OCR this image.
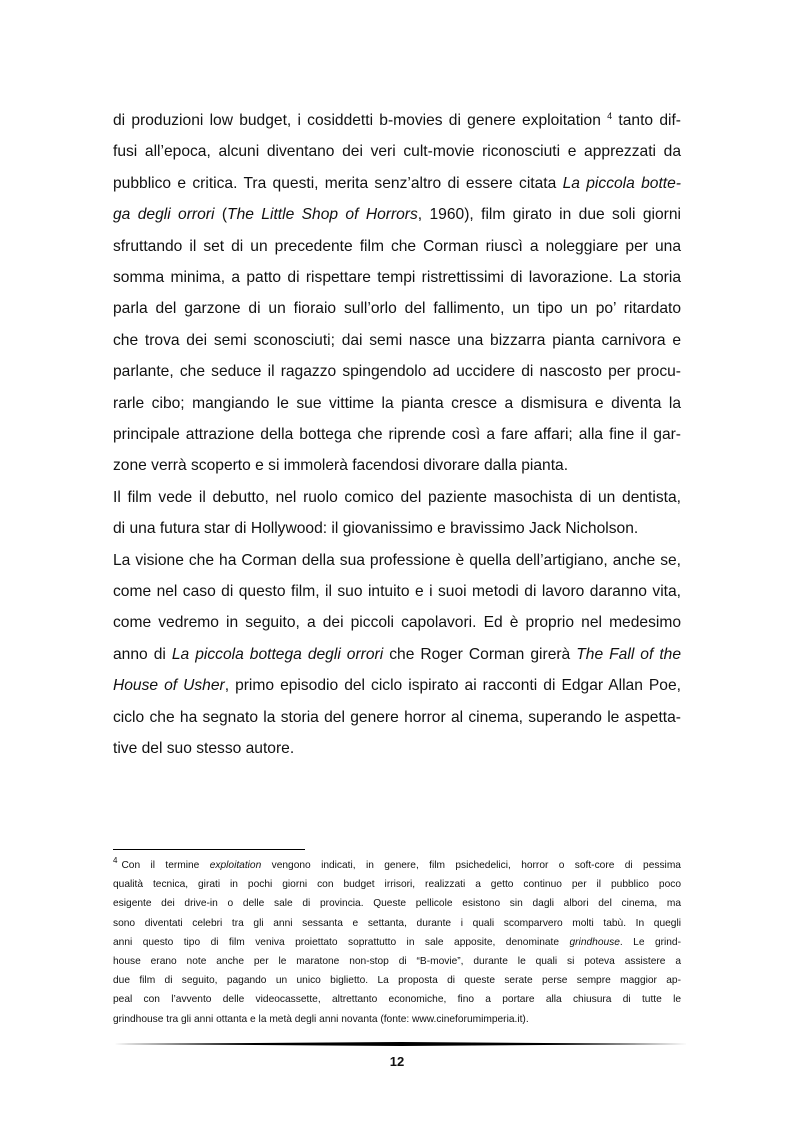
di produzioni low budget, i cosiddetti b-movies di genere exploitation $^4$ tanto dif-
fusi all’epoca, alcuni diventano dei veri cult-movie riconosciuti e apprezzati da
pubblico e critica. Tra questi, merita senz’altro di essere citata La piccola botte-
ga degli orrori (The Little Shop of Horrors, 1960), film girato in due soli giorni
sfruttando il set di un precedente film che Corman riuscì a noleggiare per una
somma minima, a patto di rispettare tempi ristrettissimi di lavorazione. La storia
parla del garzone di un fioraio sull’orlo del fallimento, un tipo un po’ ritardato
che trova dei semi sconosciuti; dai semi nasce una bizzarra pianta carnivora e
parlante, che seduce il ragazzo spingendolo ad uccidere di nascosto per procu-
rarle cibo; mangiando le sue vittime la pianta cresce a dismisura e diventa la
principale attrazione della bottega che riprende così a fare affari; alla fine il gar-
zone verrà scoperto e si immolerà facendosi divorare dalla pianta.
Il film vede il debutto, nel ruolo comico del paziente masochista di un dentista,
di una futura star di Hollywood: il giovanissimo e bravissimo Jack Nicholson.
La visione che ha Corman della sua professione è quella dell’artigiano, anche se,
come nel caso di questo film, il suo intuito e i suoi metodi di lavoro daranno vita,
come vedremo in seguito, a dei piccoli capolavori. Ed è proprio nel medesimo
anno di La piccola bottega degli orrori che Roger Corman girerà The Fall of the
House of Usher, primo episodio del ciclo ispirato ai racconti di Edgar Allan Poe,
ciclo che ha segnato la storia del genere horror al cinema, superando le aspetta-
tive del suo stesso autore.
$^4$ Con il termine exploitation vengono indicati, in genere, film psichedelici, horror o soft-core di pessima
qualità tecnica, girati in pochi giorni con budget irrisori, realizzati a getto continuo per il pubblico poco
esigente dei drive-in o delle sale di provincia. Queste pellicole esistono sin dagli albori del cinema, ma
sono diventati celebri tra gli anni sessanta e settanta, durante i quali scomparvero molti tabù. In quegli
anni questo tipo di film veniva proiettato soprattutto in sale apposite, denominate grindhouse. Le grind-
house erano note anche per le maratone non-stop di “B-movie”, durante le quali si poteva assistere a
due film di seguito, pagando un unico biglietto. La proposta di queste serate perse sempre maggior ap-
peal con l’avvento delle videocassette, altrettanto economiche, fino a portare alla chiusura di tutte le
grindhouse tra gli anni ottanta e la metà degli anni novanta (fonte: www.cineforumimperia.it).
12
